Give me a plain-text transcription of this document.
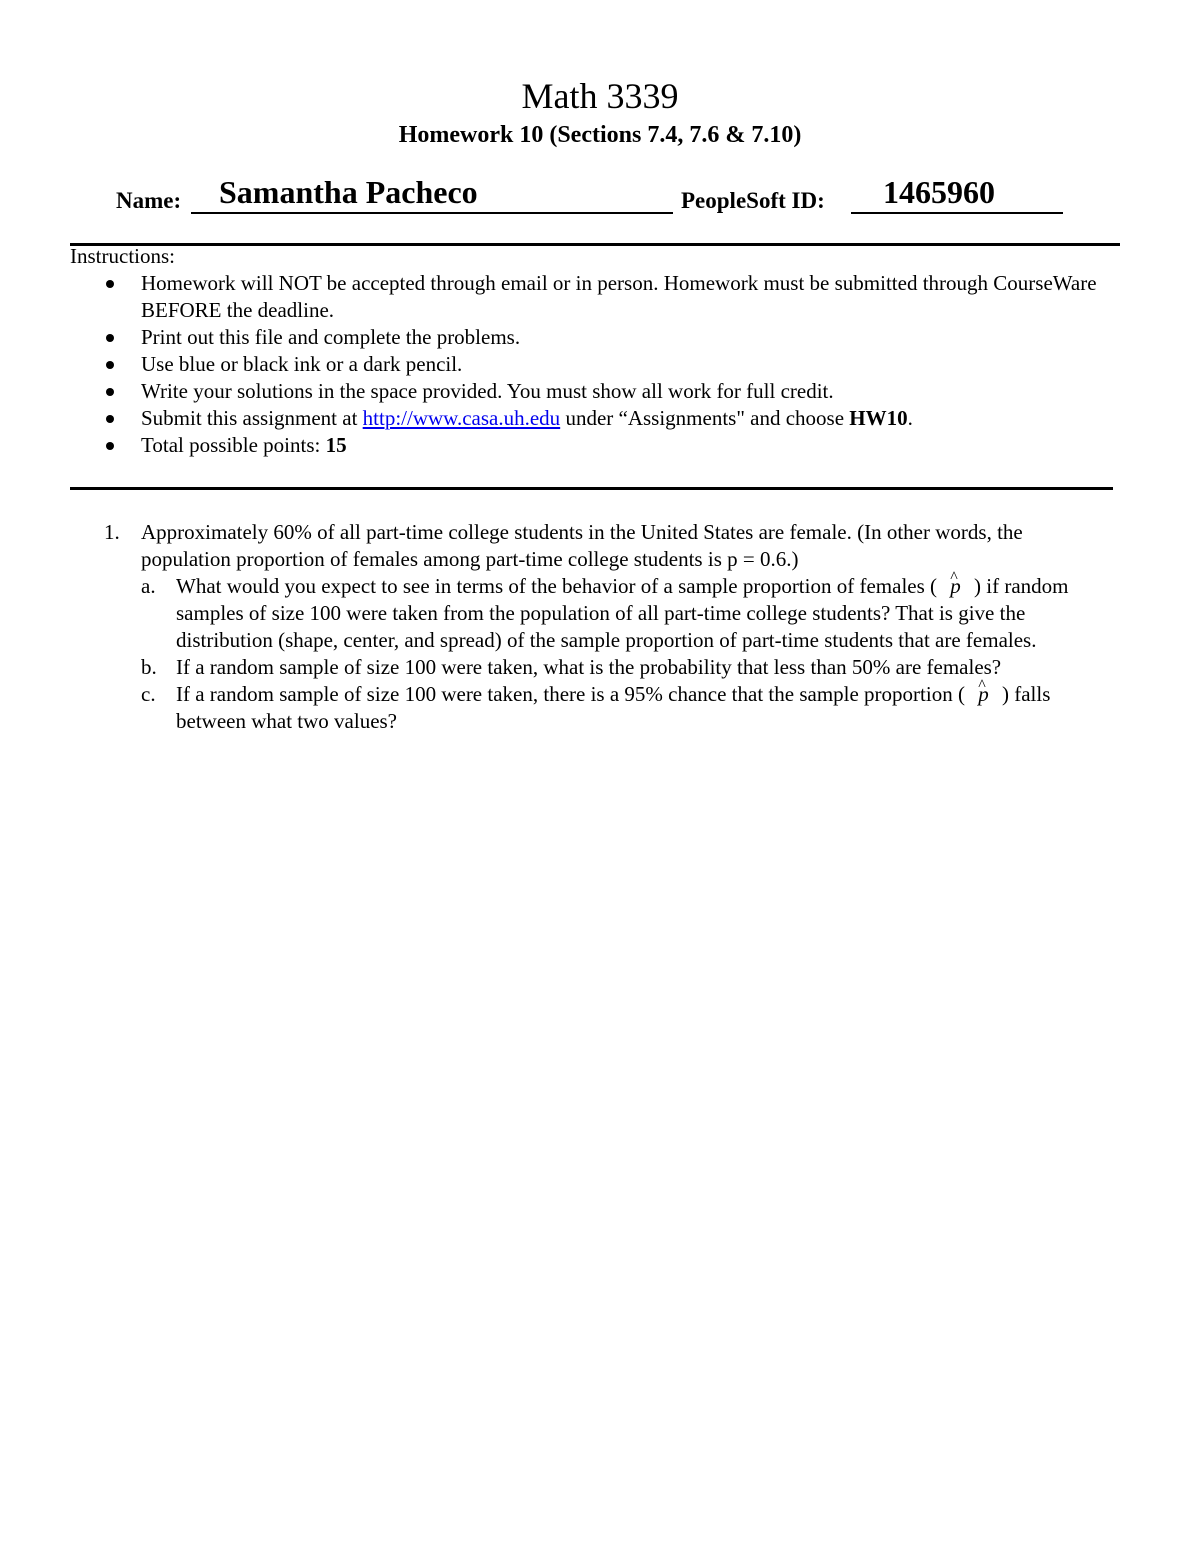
Math 3339
Homework 10 (Sections 7.4, 7.6 & 7.10)
Name: Samantha Pacheco	PeopleSoft ID: 1465960
Instructions:
Homework will NOT be accepted through email or in person. Homework must be submitted through CourseWare BEFORE the deadline.
Print out this file and complete the problems.
Use blue or black ink or a dark pencil.
Write your solutions in the space provided. You must show all work for full credit.
Submit this assignment at http://www.casa.uh.edu under “Assignments" and choose HW10.
Total possible points: 15
1.	Approximately 60% of all part-time college students in the United States are female. (In other words, the population proportion of females among part-time college students is p = 0.6.)
a. What would you expect to see in terms of the behavior of a sample proportion of females ( ^ p ) if random samples of size 100 were taken from the population of all part-time college students? That is give the distribution (shape, center, and spread) of the sample proportion of part-time students that are females.
b. If a random sample of size 100 were taken, what is the probability that less than 50% are females?
c. If a random sample of size 100 were taken, there is a 95% chance that the sample proportion ( ^ p ) falls between what two values?
